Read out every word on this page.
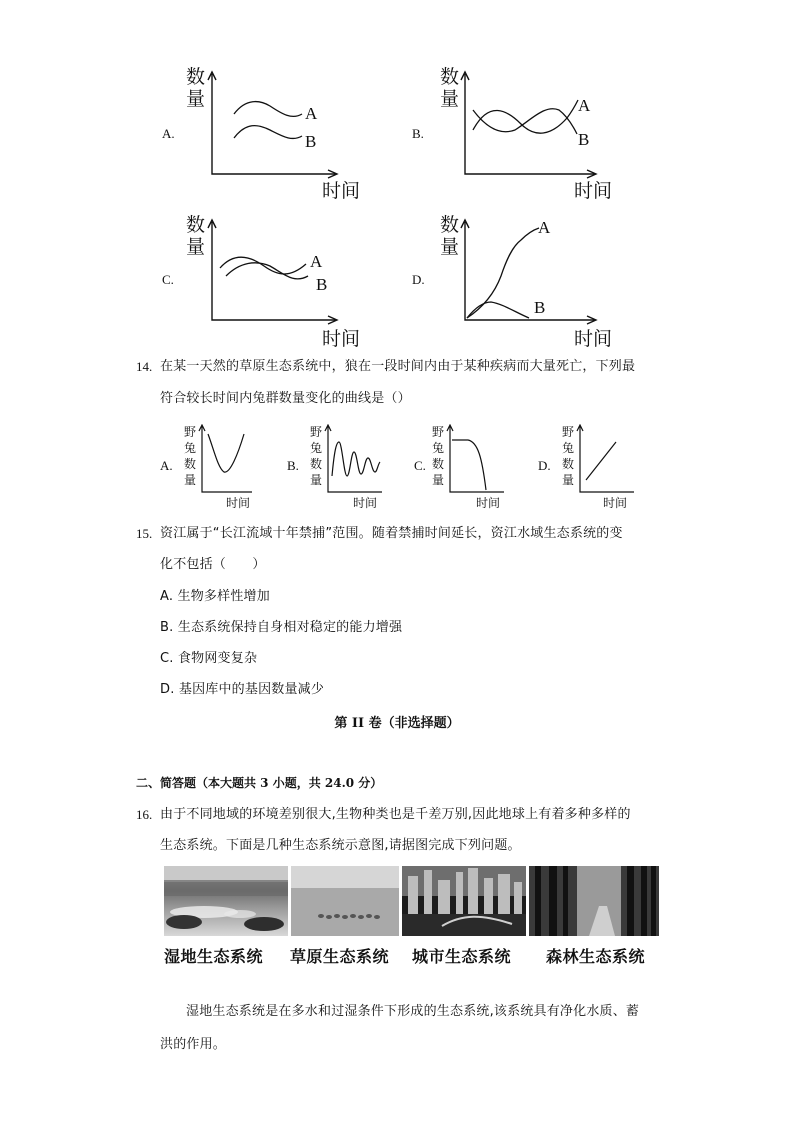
A.
数量
时间
A
B	B.
数量
时间
A
B
C.
数量
时间
A
B	D.
数量
时间
A
B
14. 在某一天然的草原生态系统中，狼在一段时间内由于某种疾病而大量死亡，下列最
符合较长时间内兔群数量变化的曲线是（）
A.
野
兔
数
量
时间
B.
野
兔
数
量
时间
C.
野
兔
数
量
时间
D.
野
兔
数
量
时间
15. 资江属于“长江流域十年禁捕”范围。随着禁捕时间延长，资江水域生态系统的变
化不包括（　　）
A. 生物多样性增加
B. 生态系统保持自身相对稳定的能力增强
C. 食物网变复杂
D. 基因库中的基因数量减少
第 II 卷（非选择题）
二、简答题（本大题共 3 小题，共 24.0 分）
16. 由于不同地域的环境差别很大,生物种类也是千差万别,因此地球上有着多种多样的
生态系统。下面是几种生态系统示意图,请据图完成下列问题。
湿地生态系统 草原生态系统 城市生态系统 森林生态系统
湿地生态系统是在多水和过湿条件下形成的生态系统,该系统具有净化水质、蓄
洪的作用。
